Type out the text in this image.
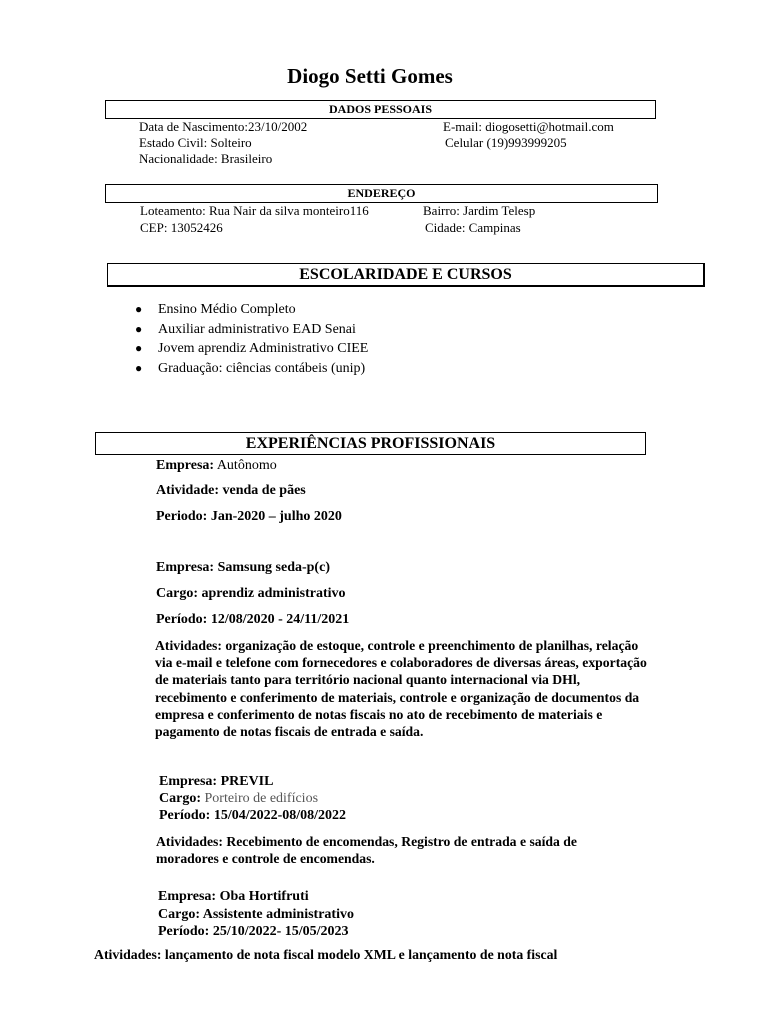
Diogo Setti Gomes
DADOS PESSOAIS
Data de Nascimento:23/10/2002
Estado Civil: Solteiro
Nacionalidade: Brasileiro
E-mail: diogosetti@hotmail.com
Celular (19)993999205
ENDEREÇO
Loteamento: Rua Nair da silva monteiro116
CEP: 13052426
Bairro: Jardim Telesp
Cidade: Campinas
ESCOLARIDADE E CURSOS
● Ensino Médio Completo
● Auxiliar administrativo EAD Senai
● Jovem aprendiz Administrativo CIEE
● Graduação: ciências contábeis (unip)
EXPERIÊNCIAS PROFISSIONAIS
Empresa: Autônomo
Atividade: venda de pães
Periodo: Jan-2020 – julho 2020
Empresa: Samsung seda-p(c)
Cargo: aprendiz administrativo
Período: 12/08/2020 - 24/11/2021
Atividades: organização de estoque, controle e preenchimento de planilhas, relação via e-mail e telefone com fornecedores e colaboradores de diversas áreas, exportação de materiais tanto para território nacional quanto internacional via DHl, recebimento e conferimento de materiais, controle e organização de documentos da empresa e conferimento de notas fiscais no ato de recebimento de materiais e pagamento de notas fiscais de entrada e saída.
Empresa: PREVIL
Cargo: Porteiro de edifícios
Período: 15/04/2022-08/08/2022
Atividades: Recebimento de encomendas, Registro de entrada e saída de moradores e controle de encomendas.
Empresa: Oba Hortifruti
Cargo: Assistente administrativo
Período: 25/10/2022- 15/05/2023
Atividades: lançamento de nota fiscal modelo XML e lançamento de nota fiscal
